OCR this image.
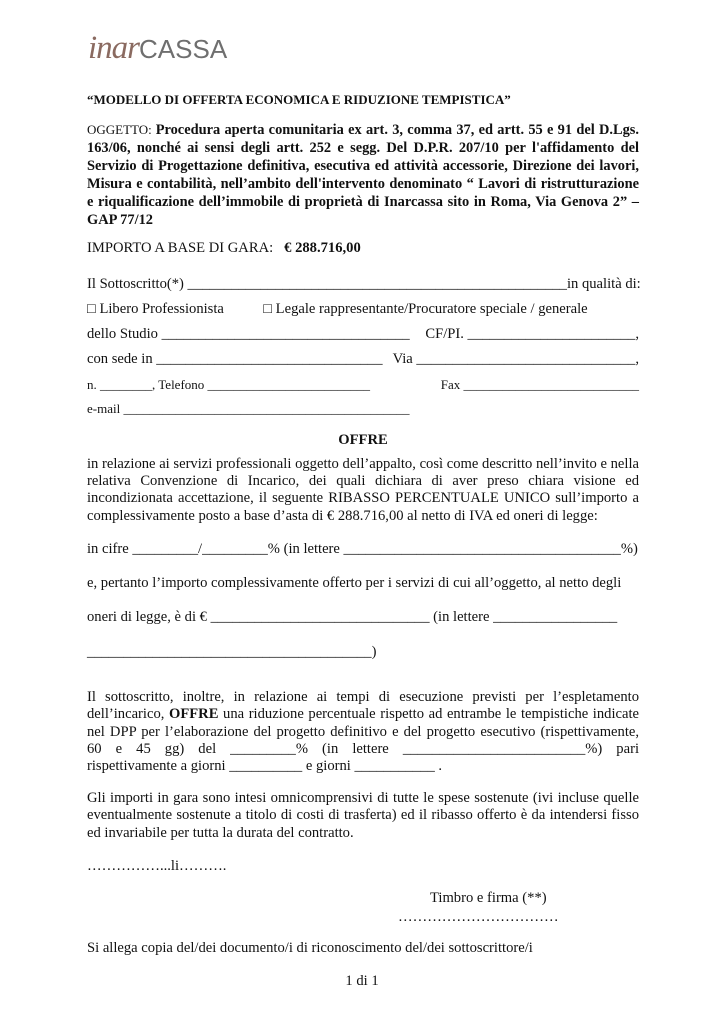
inarCASSA
“MODELLO DI OFFERTA ECONOMICA E RIDUZIONE TEMPISTICA”
OGGETTO: Procedura aperta comunitaria ex art. 3, comma 37, ed artt. 55 e 91 del D.Lgs. 163/06, nonché ai sensi degli artt. 252 e segg. Del D.P.R. 207/10 per l'affidamento del Servizio di Progettazione definitiva, esecutiva ed attività accessorie, Direzione dei lavori, Misura e contabilità, nell’ambito dell'intervento denominato “ Lavori di ristrutturazione e riqualificazione dell’immobile di proprietà di Inarcassa sito in Roma, Via Genova 2” – GAP 77/12
IMPORTO A BASE DI GARA: € 288.716,00
Il Sottoscritto(*) ____________________________________________________ in qualità di:
□ Libero Professionista	□ Legale rappresentante/Procuratore speciale / generale
dello Studio __________________________________ CF/PI. _______________________,
con sede in _______________________________ Via ______________________________,
n. ________, Telefono _________________________	Fax ___________________________
e-mail ____________________________________________
OFFRE
in relazione ai servizi professionali oggetto dell’appalto, così come descritto nell’invito e nella relativa Convenzione di Incarico, dei quali dichiara di aver preso chiara visione ed incondizionata accettazione, il seguente RIBASSO PERCENTUALE UNICO sull’importo a complessivamente posto a base d’asta di € 288.716,00 al netto di IVA ed oneri di legge:
in cifre _________/_________% (in lettere ______________________________________%)
e, pertanto l’importo complessivamente offerto per i servizi di cui all’oggetto, al netto degli
oneri di legge, è di € ______________________________ (in lettere _________________
_______________________________________)
Il sottoscritto, inoltre, in relazione ai tempi di esecuzione previsti per l’espletamento dell’incarico, OFFRE una riduzione percentuale rispetto ad entrambe le tempistiche indicate nel DPP per l’elaborazione del progetto definitivo e del progetto esecutivo (rispettivamente, 60 e 45 gg) del _________% (in lettere _________________________%) pari rispettivamente a giorni __________ e giorni ___________ .
Gli importi in gara sono intesi omnicomprensivi di tutte le spese sostenute (ivi incluse quelle eventualmente sostenute a titolo di costi di trasferta) ed il ribasso offerto è da intendersi fisso ed invariabile per tutta la durata del contratto.
……………...li……….
Timbro e firma (**)
……………………………
Si allega copia del/dei documento/i di riconoscimento del/dei sottoscrittore/i
1 di 1
